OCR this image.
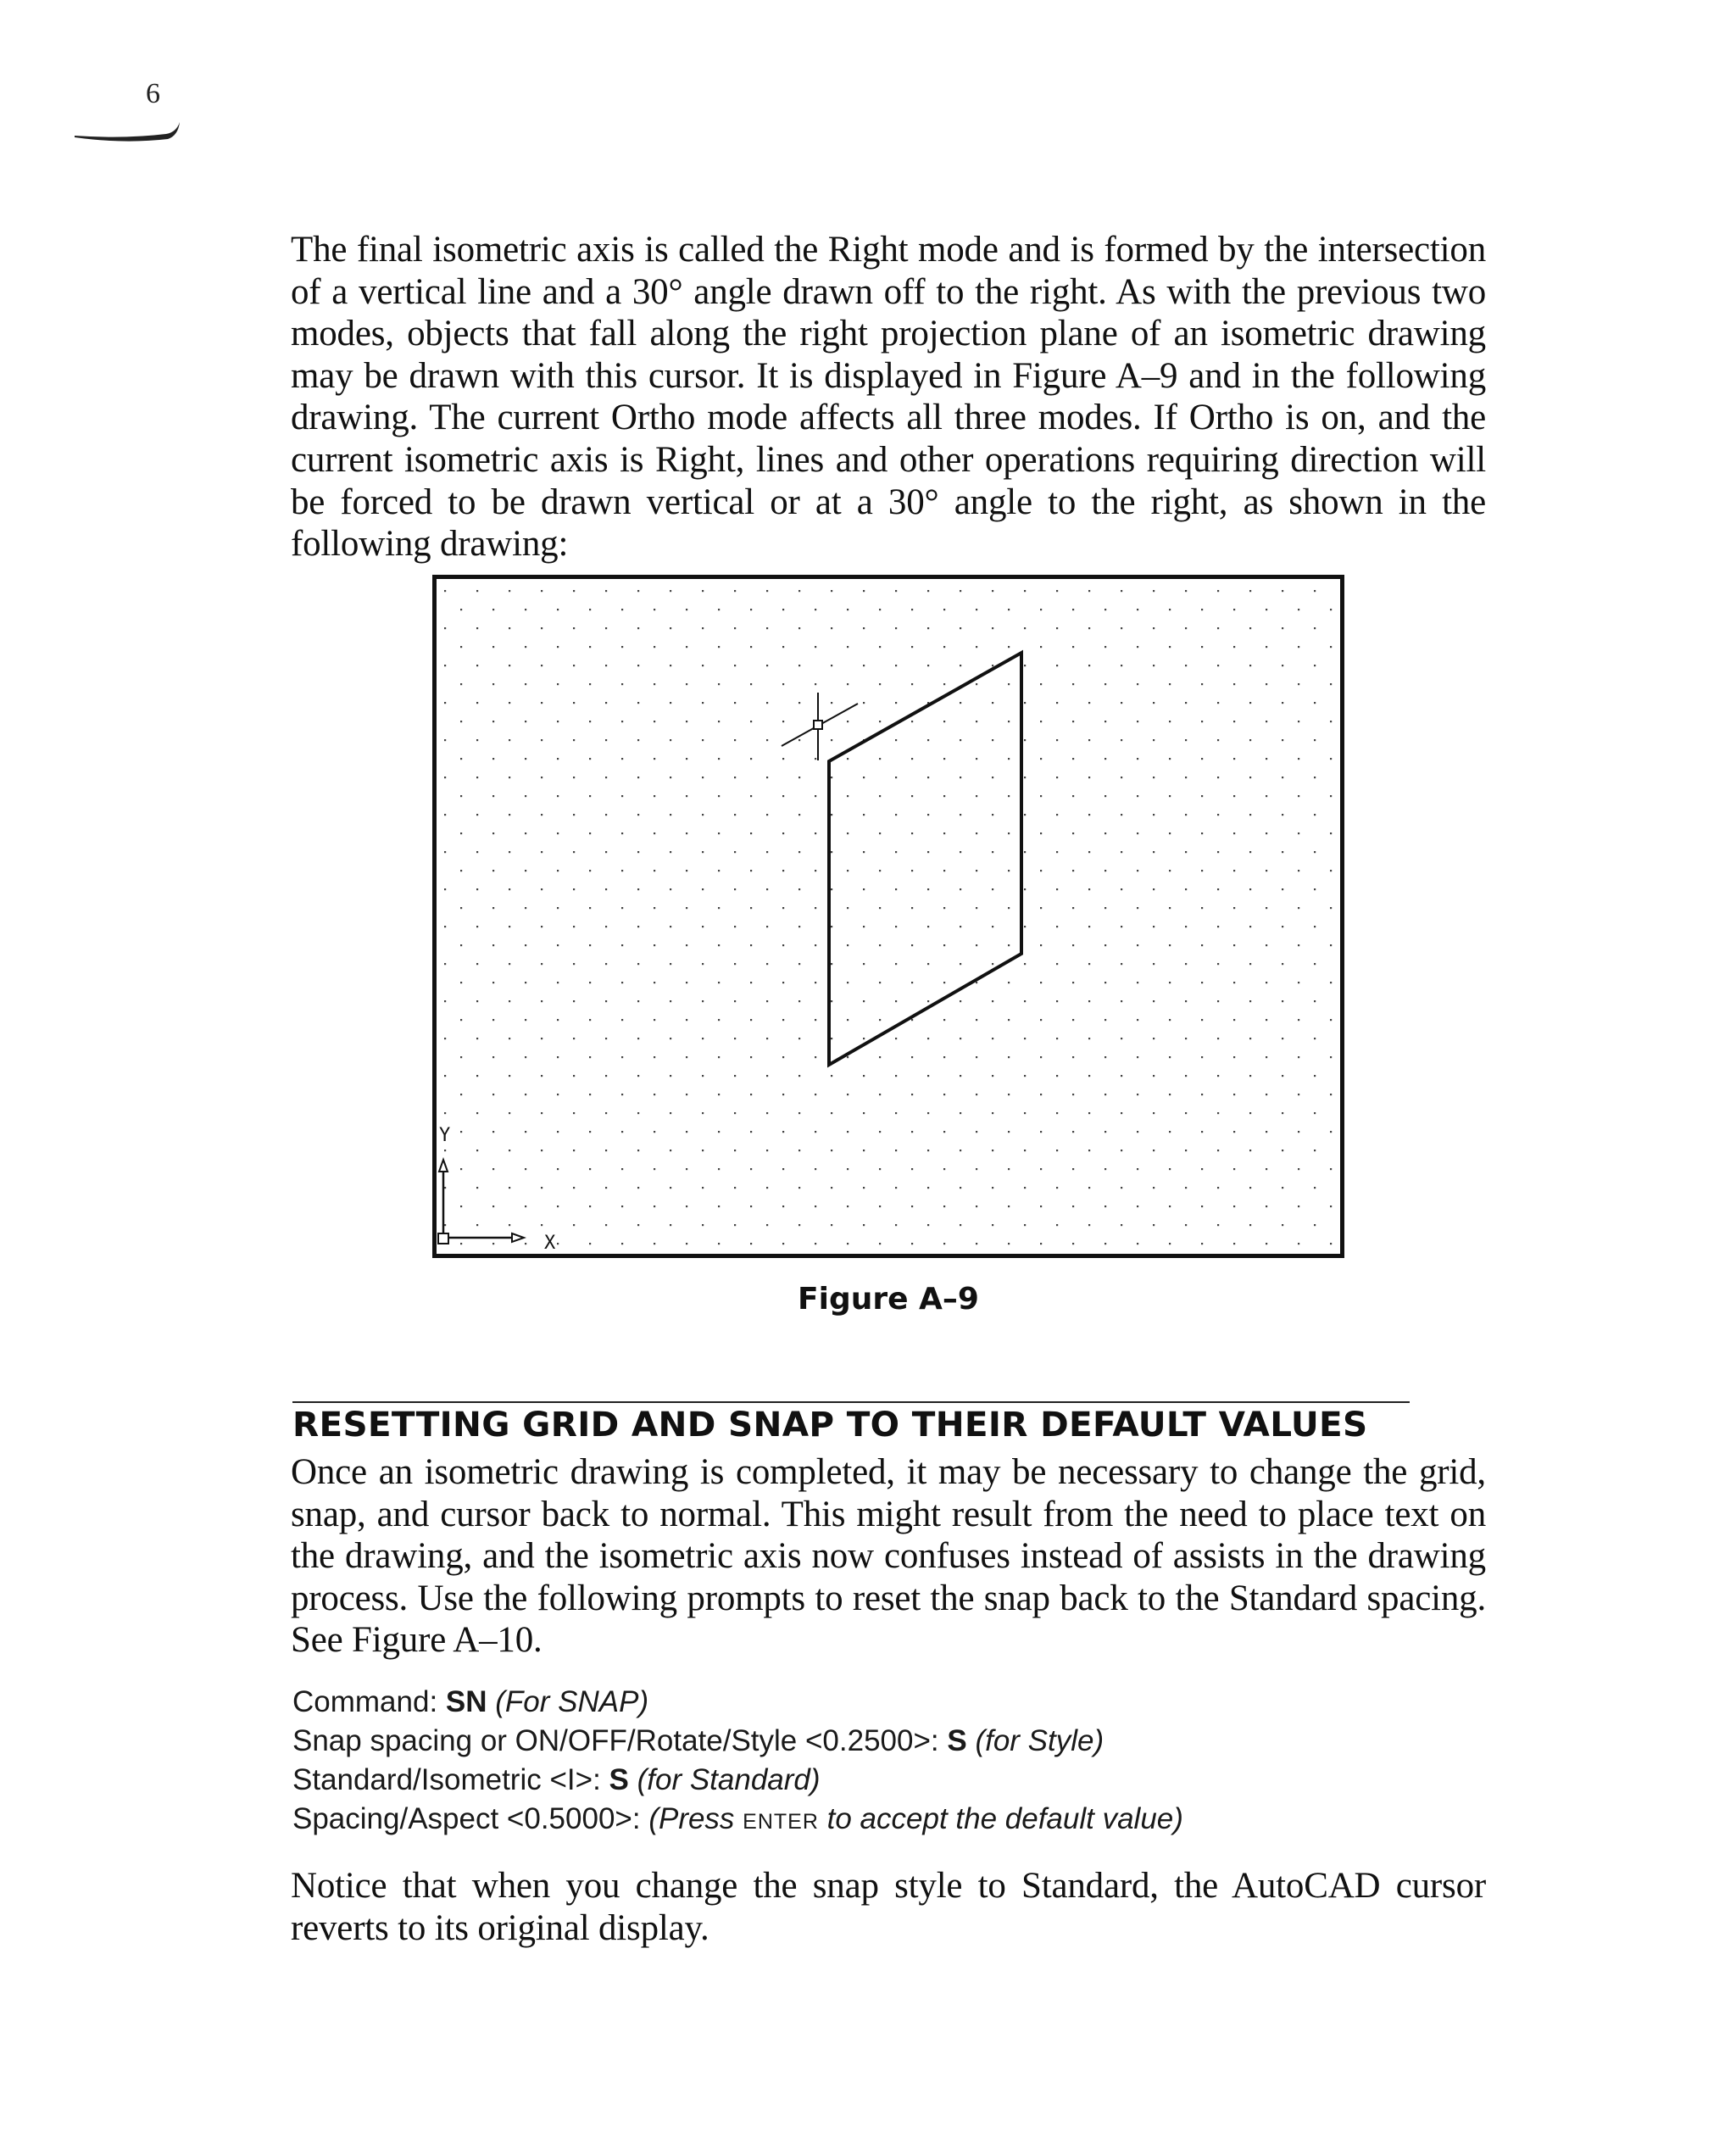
6

The final isometric axis is called the Right mode and is formed by the intersection of a vertical line and a 30° angle drawn off to the right. As with the previous two modes, objects that fall along the right projection plane of an isometric drawing may be drawn with this cursor. It is displayed in Figure A–9 and in the following drawing. The current Ortho mode affects all three modes. If Ortho is on, and the current isometric axis is Right, lines and other operations requiring direction will be forced to be drawn vertical or at a 30° angle to the right, as shown in the following drawing:

Y
X
Figure A–9
RESETTING GRID AND SNAP TO THEIR DEFAULT VALUES

Once an isometric drawing is completed, it may be necessary to change the grid, snap, and cursor back to normal. This might result from the need to place text on the drawing, and the isometric axis now confuses instead of assists in the drawing process. Use the following prompts to reset the snap back to the Standard spacing. See Figure A–10.

Command: SN (For SNAP)
Snap spacing or ON/OFF/Rotate/Style <0.2500>: S (for Style)
Standard/Isometric <I>: S (for Standard)
Spacing/Aspect <0.5000>: (Press ENTER to accept the default value)

Notice that when you change the snap style to Standard, the AutoCAD cursor reverts to its original display.
